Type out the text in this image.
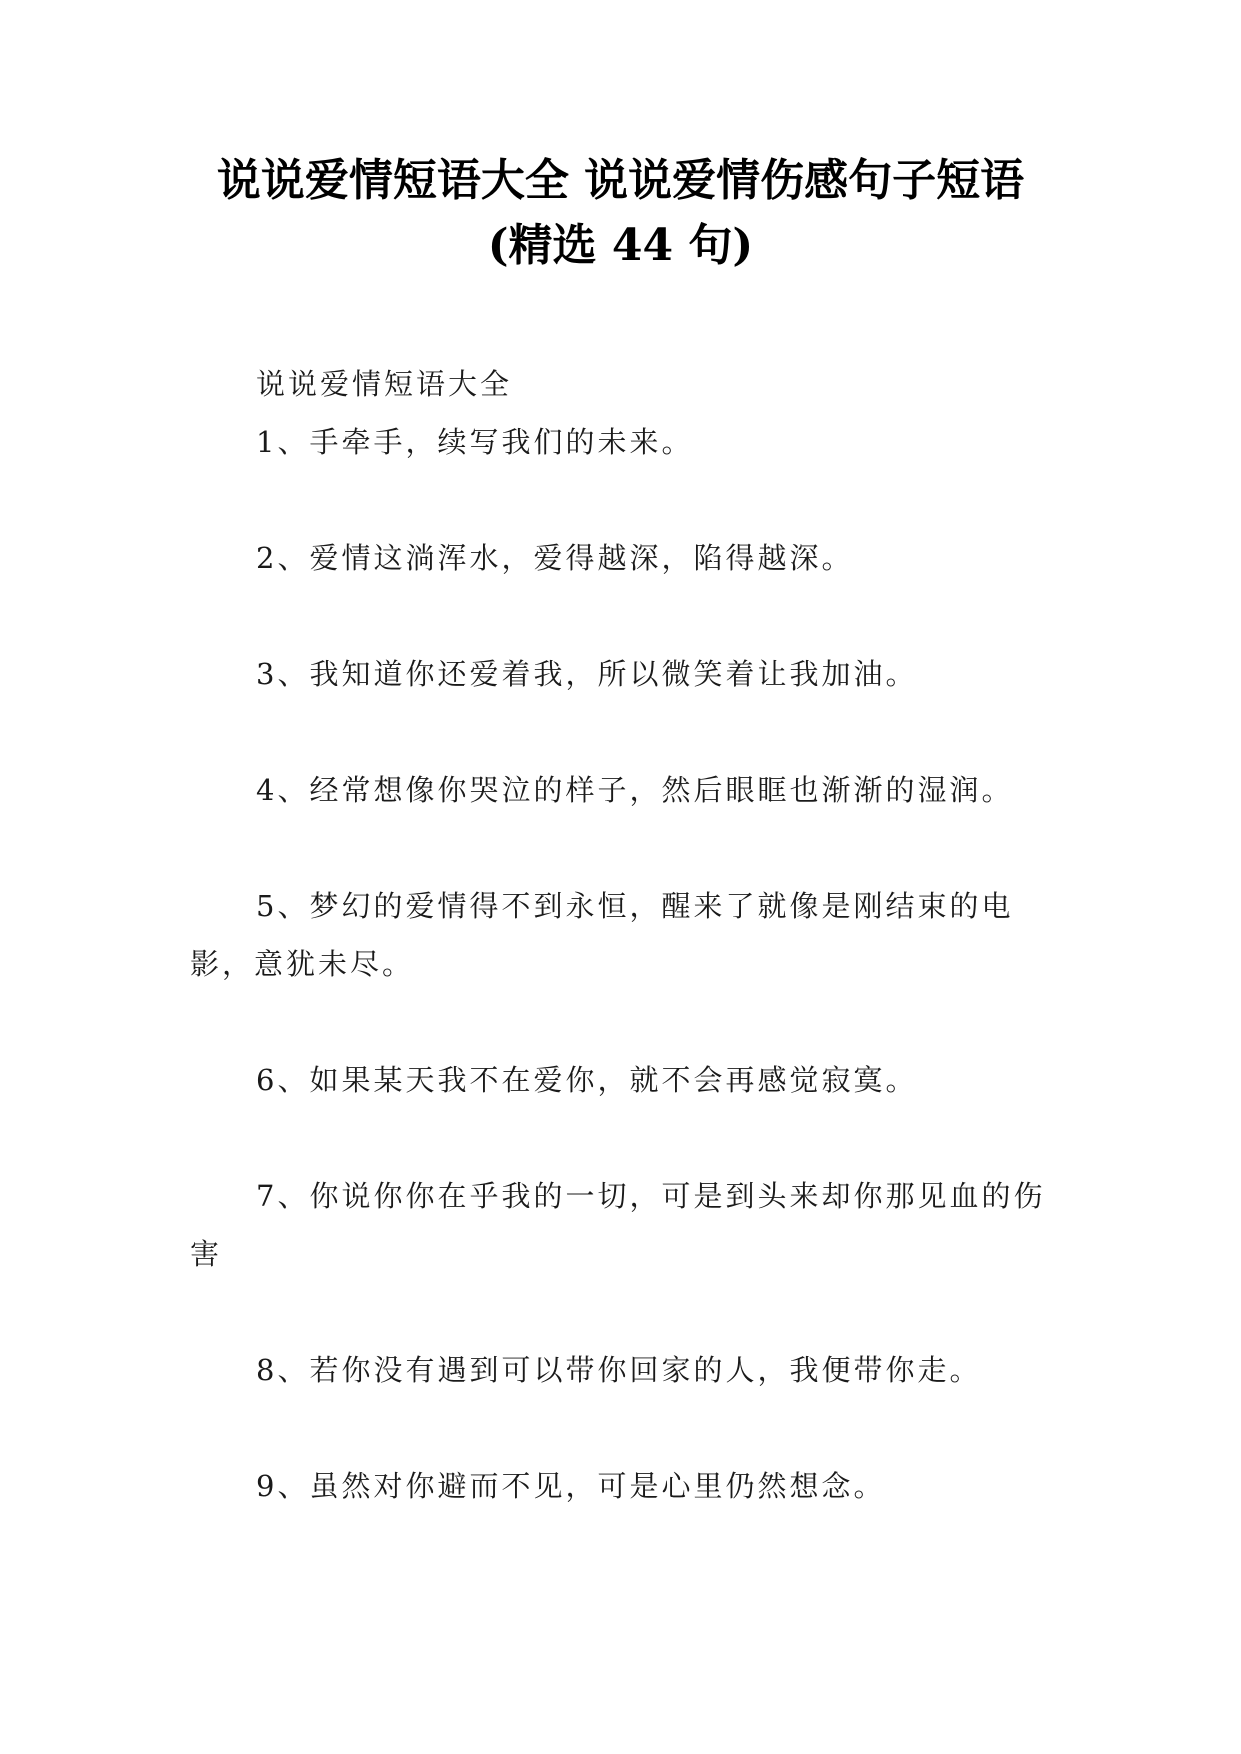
说说爱情短语大全 说说爱情伤感句子短语
(精选 44 句)

说说爱情短语大全

1、手牵手，续写我们的未来。

2、爱情这淌浑水，爱得越深，陷得越深。

3、我知道你还爱着我，所以微笑着让我加油。

4、经常想像你哭泣的样子，然后眼眶也渐渐的湿润。

5、梦幻的爱情得不到永恒，醒来了就像是刚结束的电影，意犹未尽。

6、如果某天我不在爱你，就不会再感觉寂寞。

7、你说你你在乎我的一切，可是到头来却你那见血的伤害

8、若你没有遇到可以带你回家的人，我便带你走。

9、虽然对你避而不见，可是心里仍然想念。
